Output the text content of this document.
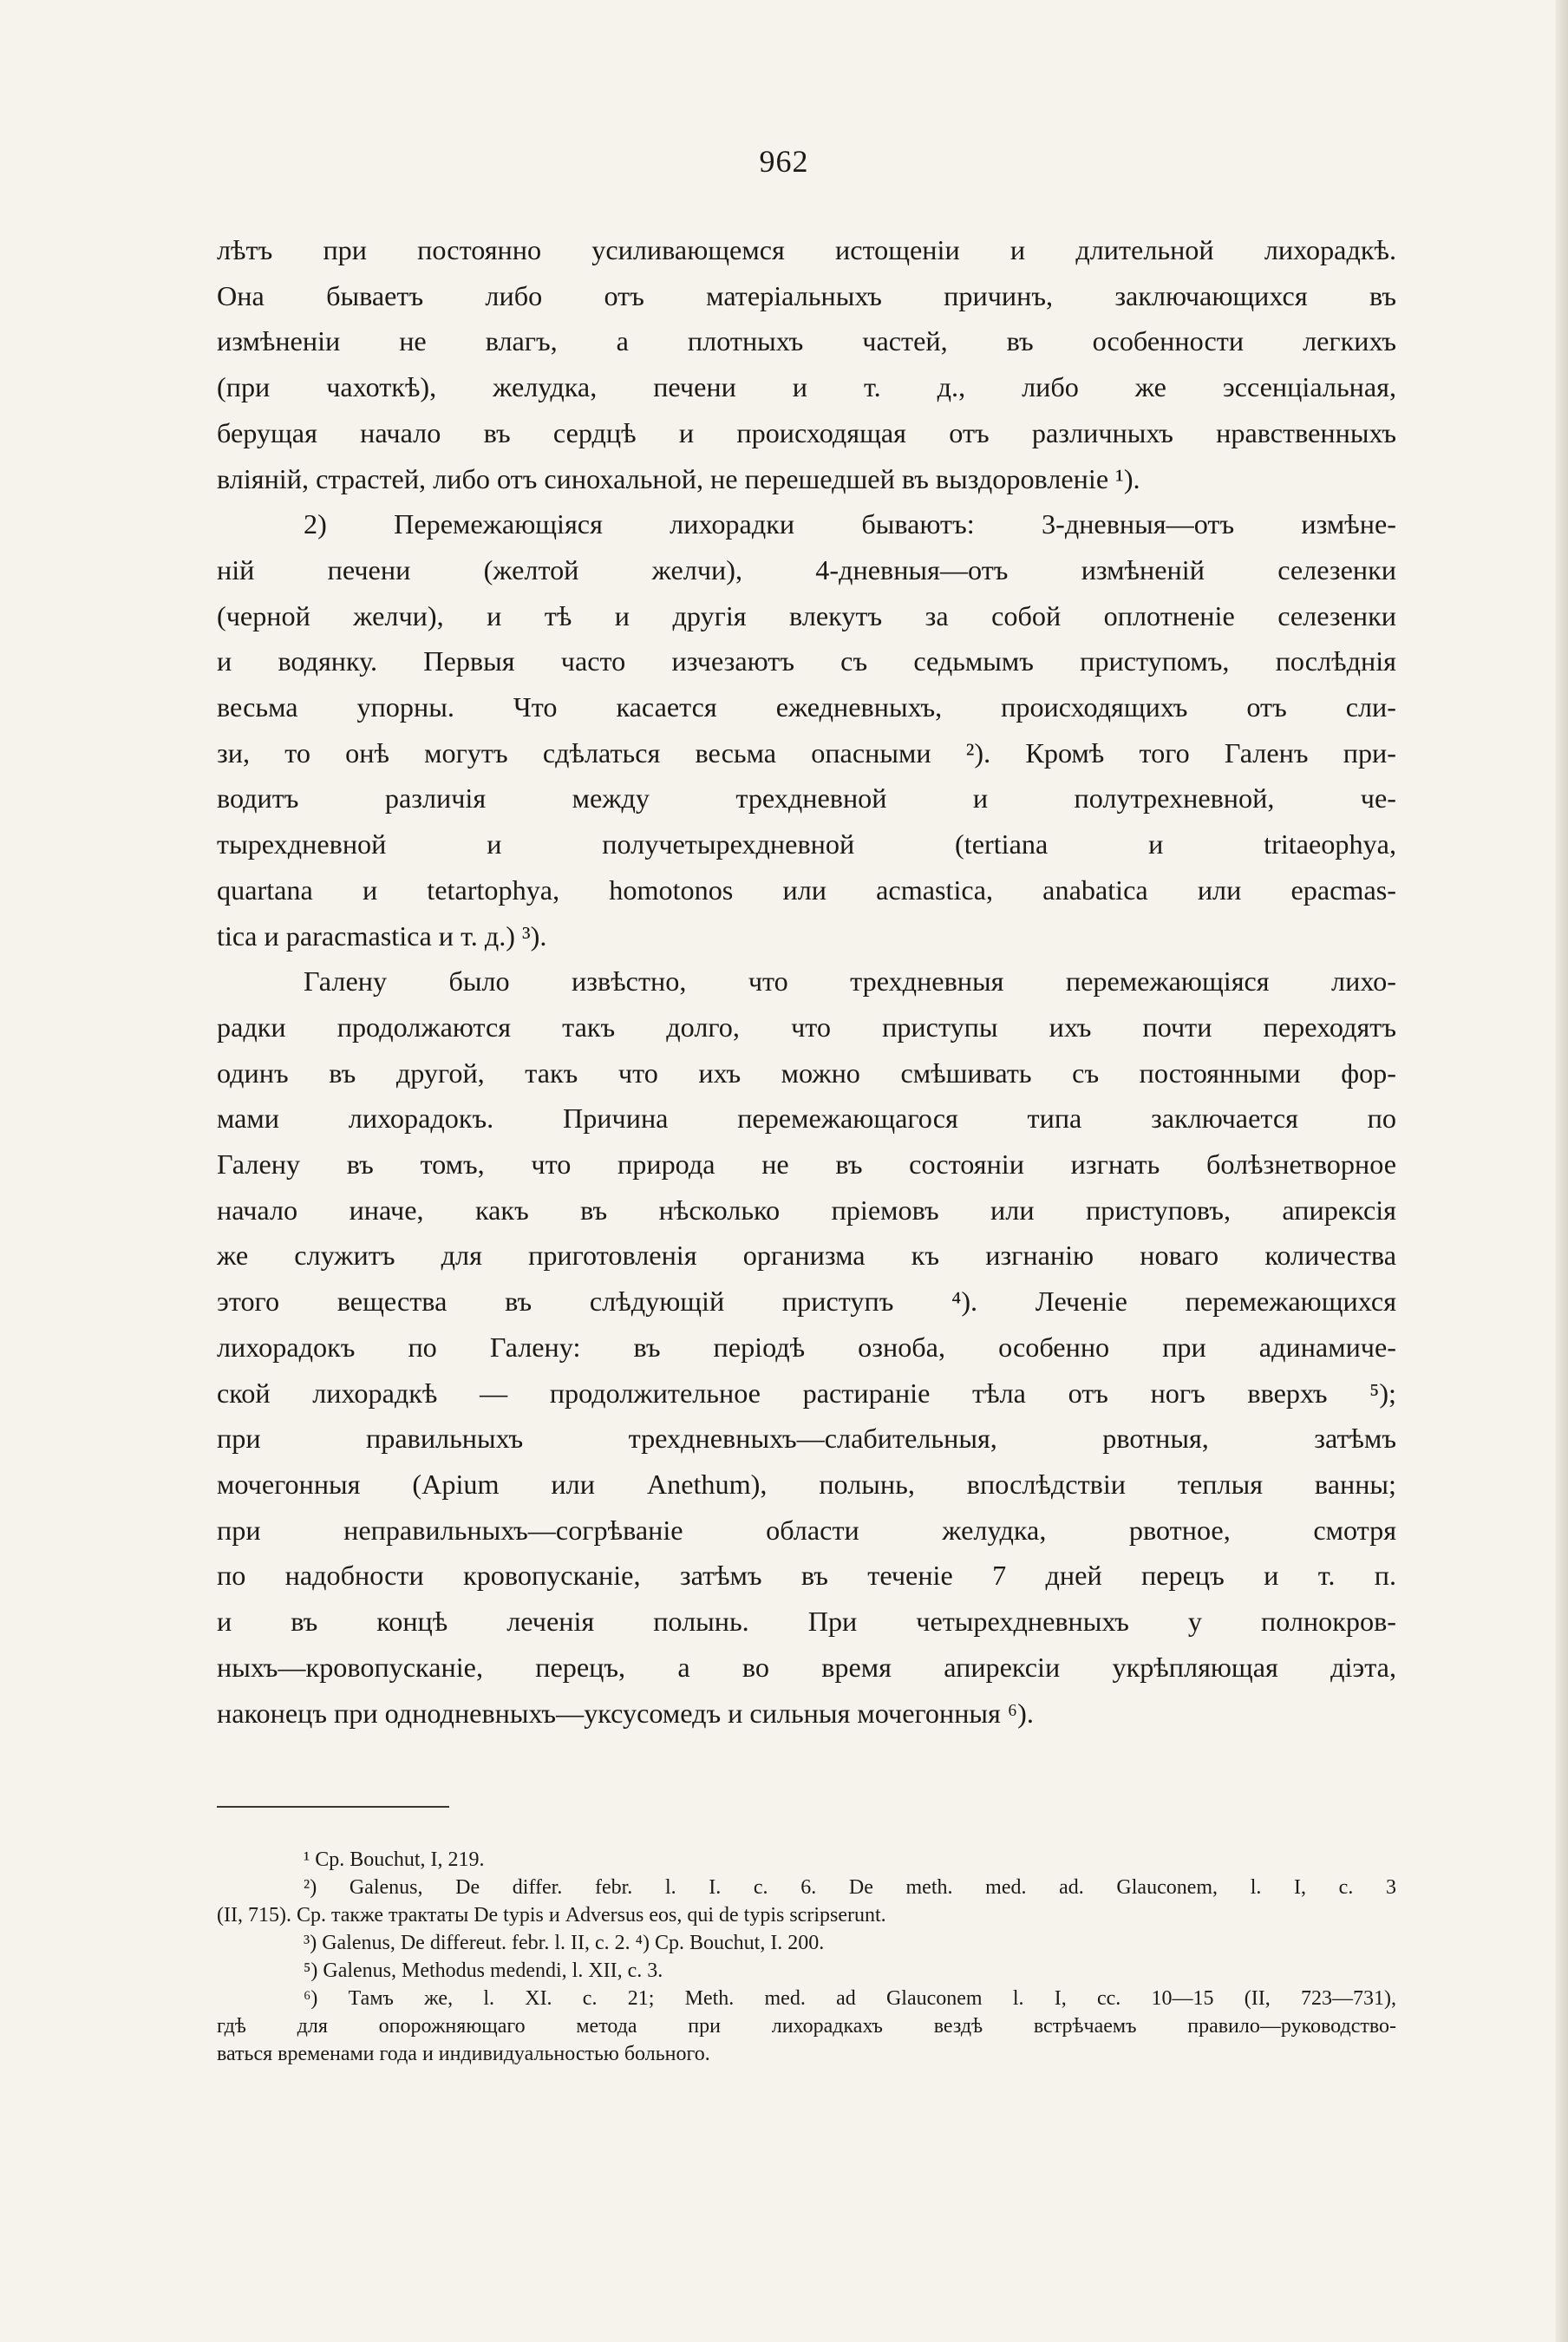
962
лѣтъ при постоянно усиливающемся истощеніи и длительной лихорадкѣ.
Она бываетъ либо отъ матеріальныхъ причинъ, заключающихся въ
измѣненіи не влагъ, а плотныхъ частей, въ особенности легкихъ
(при чахоткѣ), желудка, печени и т. д., либо же эссенціальная,
берущая начало въ сердцѣ и происходящая отъ различныхъ нравственныхъ
вліяній, страстей, либо отъ синохальной, не перешедшей въ выздоровленіе ¹).
2) Перемежающіяся лихорадки бываютъ: 3-дневныя—отъ измѣне-
ній печени (желтой желчи), 4-дневныя—отъ измѣненій селезенки
(черной желчи), и тѣ и другія влекутъ за собой оплотненіе селезенки
и водянку. Первыя часто изчезаютъ съ седьмымъ приступомъ, послѣднія
весьма упорны. Что касается ежедневныхъ, происходящихъ отъ сли-
зи, то онѣ могутъ сдѣлаться весьма опасными ²). Кромѣ того Галенъ при-
водитъ различія между трехдневной и полутрехневной, че-
тырехдневной и получетырехдневной (tertiana и tritaeophya,
quartana и tetartophya, homotonos или acmastica, anabatica или epacmas-
tica и paracmastica и т. д.) ³).
Галену было извѣстно, что трехдневныя перемежающіяся лихо-
радки продолжаются такъ долго, что приступы ихъ почти переходятъ
одинъ въ другой, такъ что ихъ можно смѣшивать съ постоянными фор-
мами лихорадокъ. Причина перемежающагося типа заключается по
Галену въ томъ, что природа не въ состояніи изгнать болѣзнетворное
начало иначе, какъ въ нѣсколько пріемовъ или приступовъ, апирексія
же служитъ для приготовленія организма къ изгнанію новаго количества
этого вещества въ слѣдующій приступъ ⁴). Леченіе перемежающихся
лихорадокъ по Галену: въ періодѣ озноба, особенно при адинамиче-
ской лихорадкѣ — продолжительное растираніе тѣла отъ ногъ вверхъ ⁵);
при правильныхъ трехдневныхъ—слабительныя, рвотныя, затѣмъ
мочегонныя (Apium или Anethum), полынь, впослѣдствіи теплыя ванны;
при неправильныхъ—согрѣваніе области желудка, рвотное, смотря
по надобности кровопусканіе, затѣмъ въ теченіе 7 дней перецъ и т. п.
и въ концѣ леченія полынь. При четырехдневныхъ у полнокров-
ныхъ—кровопусканіе, перецъ, а во время апирексіи укрѣпляющая діэта,
наконецъ при однодневныхъ—уксусомедъ и сильныя мочегонныя ⁶).
¹ Ср. Bouchut, I, 219.
²) Galenus, De differ. febr. l. I. c. 6. De meth. med. ad. Glauconem, l. I, c. 3
(II, 715). Ср. также трактаты De typis и Adversus eos, qui de typis scripserunt.
³) Galenus, De differeut. febr. l. II, c. 2. ⁴) Ср. Bouchut, I. 200.
⁵) Galenus, Methodus medendi, l. XII, c. 3.
⁶) Тамъ же, l. XI. c. 21; Meth. med. ad Glauconem l. I, cc. 10—15 (II, 723—731),
гдѣ для опорожняющаго метода при лихорадкахъ вездѣ встрѣчаемъ правило—руководство-
ваться временами года и индивидуальностью больного.
